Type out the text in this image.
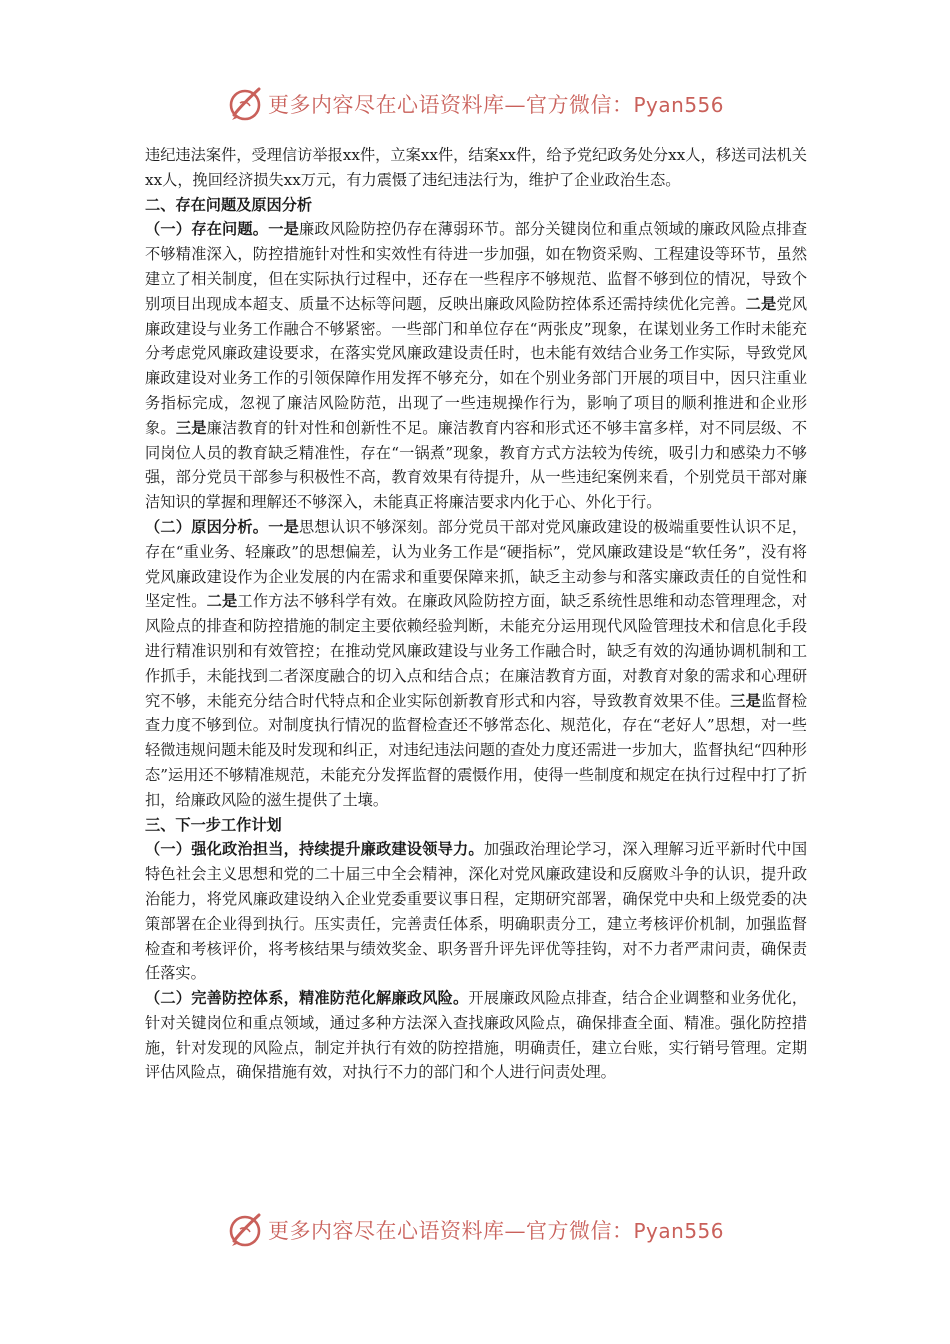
更多内容尽在心语资料库—官方微信：Pyan556

违纪违法案件，受理信访举报xx件，立案xx件，结案xx件，给予党纪政务处分xx人，移送司法机关xx人，挽回经济损失xx万元，有力震慑了违纪违法行为，维护了企业政治生态。

二、存在问题及原因分析

（一）存在问题。一是廉政风险防控仍存在薄弱环节。部分关键岗位和重点领域的廉政风险点排查不够精准深入，防控措施针对性和实效性有待进一步加强，如在物资采购、工程建设等环节，虽然建立了相关制度，但在实际执行过程中，还存在一些程序不够规范、监督不够到位的情况，导致个别项目出现成本超支、质量不达标等问题，反映出廉政风险防控体系还需持续优化完善。二是党风廉政建设与业务工作融合不够紧密。一些部门和单位存在“两张皮”现象，在谋划业务工作时未能充分考虑党风廉政建设要求，在落实党风廉政建设责任时，也未能有效结合业务工作实际，导致党风廉政建设对业务工作的引领保障作用发挥不够充分，如在个别业务部门开展的项目中，因只注重业务指标完成，忽视了廉洁风险防范，出现了一些违规操作行为，影响了项目的顺利推进和企业形象。三是廉洁教育的针对性和创新性不足。廉洁教育内容和形式还不够丰富多样，对不同层级、不同岗位人员的教育缺乏精准性，存在“一锅煮”现象，教育方式方法较为传统，吸引力和感染力不够强，部分党员干部参与积极性不高，教育效果有待提升，从一些违纪案例来看，个别党员干部对廉洁知识的掌握和理解还不够深入，未能真正将廉洁要求内化于心、外化于行。

（二）原因分析。一是思想认识不够深刻。部分党员干部对党风廉政建设的极端重要性认识不足，存在“重业务、轻廉政”的思想偏差，认为业务工作是“硬指标”，党风廉政建设是“软任务”，没有将党风廉政建设作为企业发展的内在需求和重要保障来抓，缺乏主动参与和落实廉政责任的自觉性和坚定性。二是工作方法不够科学有效。在廉政风险防控方面，缺乏系统性思维和动态管理理念，对风险点的排查和防控措施的制定主要依赖经验判断，未能充分运用现代风险管理技术和信息化手段进行精准识别和有效管控；在推动党风廉政建设与业务工作融合时，缺乏有效的沟通协调机制和工作抓手，未能找到二者深度融合的切入点和结合点；在廉洁教育方面，对教育对象的需求和心理研究不够，未能充分结合时代特点和企业实际创新教育形式和内容，导致教育效果不佳。三是监督检查力度不够到位。对制度执行情况的监督检查还不够常态化、规范化，存在“老好人”思想，对一些轻微违规问题未能及时发现和纠正，对违纪违法问题的查处力度还需进一步加大，监督执纪“四种形态”运用还不够精准规范，未能充分发挥监督的震慑作用，使得一些制度和规定在执行过程中打了折扣，给廉政风险的滋生提供了土壤。

三、下一步工作计划

（一）强化政治担当，持续提升廉政建设领导力。加强政治理论学习，深入理解习近平新时代中国特色社会主义思想和党的二十届三中全会精神，深化对党风廉政建设和反腐败斗争的认识，提升政治能力，将党风廉政建设纳入企业党委重要议事日程，定期研究部署，确保党中央和上级党委的决策部署在企业得到执行。压实责任，完善责任体系，明确职责分工，建立考核评价机制，加强监督检查和考核评价，将考核结果与绩效奖金、职务晋升评先评优等挂钩，对不力者严肃问责，确保责任落实。

（二）完善防控体系，精准防范化解廉政风险。开展廉政风险点排查，结合企业调整和业务优化，针对关键岗位和重点领域，通过多种方法深入查找廉政风险点，确保排查全面、精准。强化防控措施，针对发现的风险点，制定并执行有效的防控措施，明确责任，建立台账，实行销号管理。定期评估风险点，确保措施有效，对执行不力的部门和个人进行问责处理。

更多内容尽在心语资料库—官方微信：Pyan556
